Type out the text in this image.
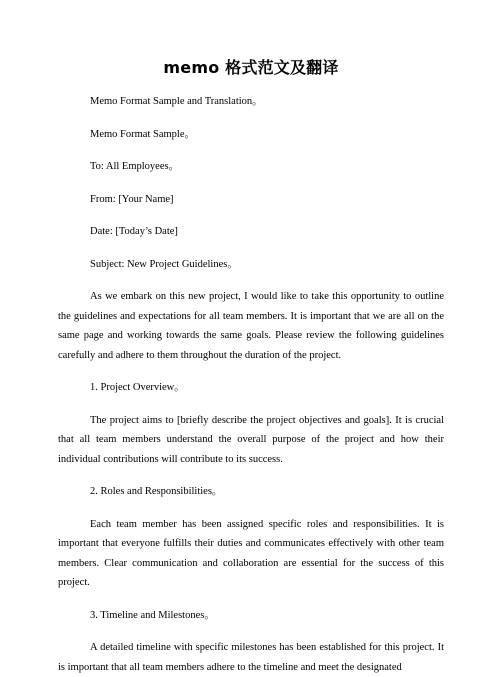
memo 格式范文及翻译
Memo Format Sample and Translation。
Memo Format Sample。
To: All Employees。
From: [Your Name]
Date: [Today’s Date]
Subject: New Project Guidelines。
As we embark on this new project, I would like to take this opportunity to outline the guidelines and expectations for all team members. It is important that we are all on the same page and working towards the same goals. Please review the following guidelines carefully and adhere to them throughout the duration of the project.
1. Project Overview。
The project aims to [briefly describe the project objectives and goals]. It is crucial that all team members understand the overall purpose of the project and how their individual contributions will contribute to its success.
2. Roles and Responsibilities。
Each team member has been assigned specific roles and responsibilities. It is important that everyone fulfills their duties and communicates effectively with other team members. Clear communication and collaboration are essential for the success of this project.
3. Timeline and Milestones。
A detailed timeline with specific milestones has been established for this project. It is important that all team members adhere to the timeline and meet the designated
